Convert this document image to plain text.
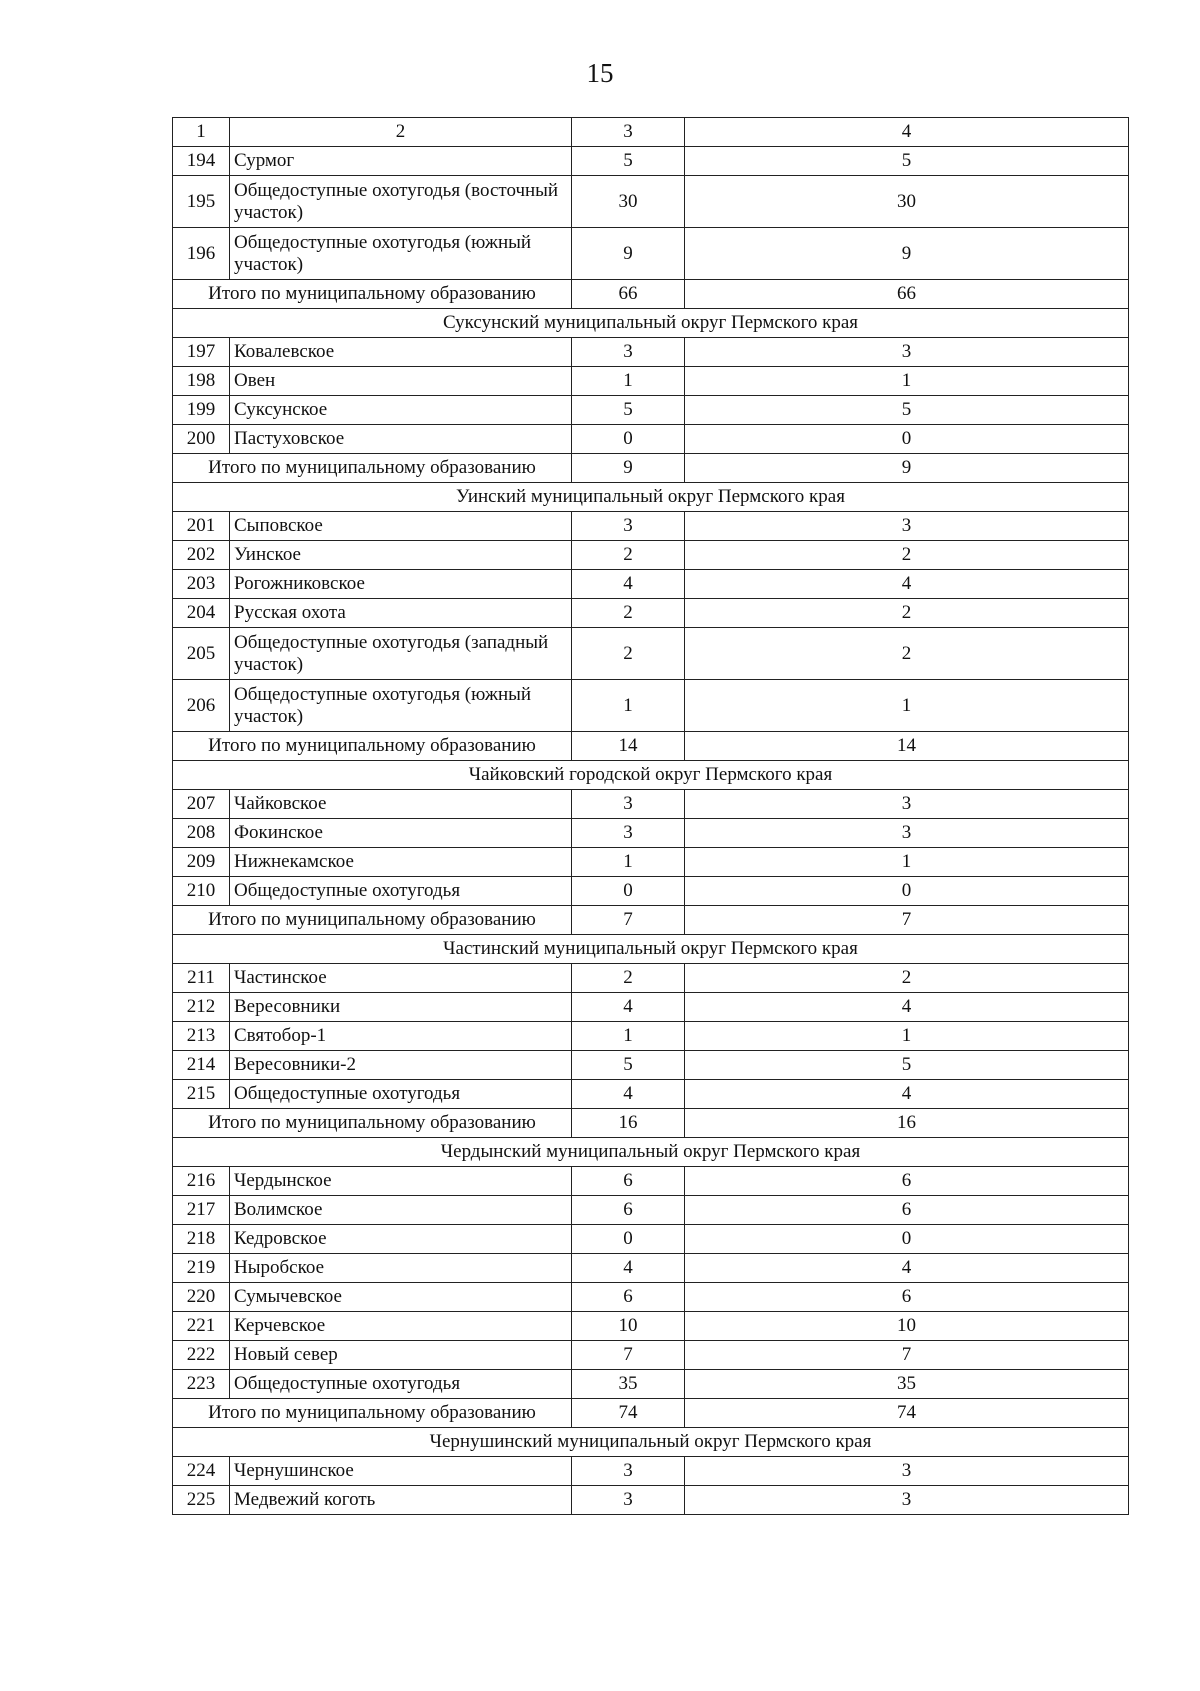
15
1	2	3	4
194	Сурмог	5	5
195	Общедоступные охотугодья (восточный участок)	30	30
196	Общедоступные охотугодья (южный участок)	9	9
Итого по муниципальному образованию		66	66
Суксунский муниципальный округ Пермского края			
197	Ковалевское	3	3
198	Овен	1	1
199	Суксунское	5	5
200	Пастуховское	0	0
Итого по муниципальному образованию		9	9
Уинский муниципальный округ Пермского края			
201	Сыповское	3	3
202	Уинское	2	2
203	Рогожниковское	4	4
204	Русская охота	2	2
205	Общедоступные охотугодья (западный участок)	2	2
206	Общедоступные охотугодья (южный участок)	1	1
Итого по муниципальному образованию		14	14
Чайковский городской округ Пермского края			
207	Чайковское	3	3
208	Фокинское	3	3
209	Нижнекамское	1	1
210	Общедоступные охотугодья	0	0
Итого по муниципальному образованию		7	7
Частинский муниципальный округ Пермского края			
211	Частинское	2	2
212	Вересовники	4	4
213	Святобор-1	1	1
214	Вересовники-2	5	5
215	Общедоступные охотугодья	4	4
Итого по муниципальному образованию		16	16
Чердынский муниципальный округ Пермского края			
216	Чердынское	6	6
217	Волимское	6	6
218	Кедровское	0	0
219	Ныробское	4	4
220	Сумычевское	6	6
221	Керчевское	10	10
222	Новый север	7	7
223	Общедоступные охотугодья	35	35
Итого по муниципальному образованию		74	74
Чернушинский муниципальный округ Пермского края			
224	Чернушинское	3	3
225	Медвежий коготь	3	3
